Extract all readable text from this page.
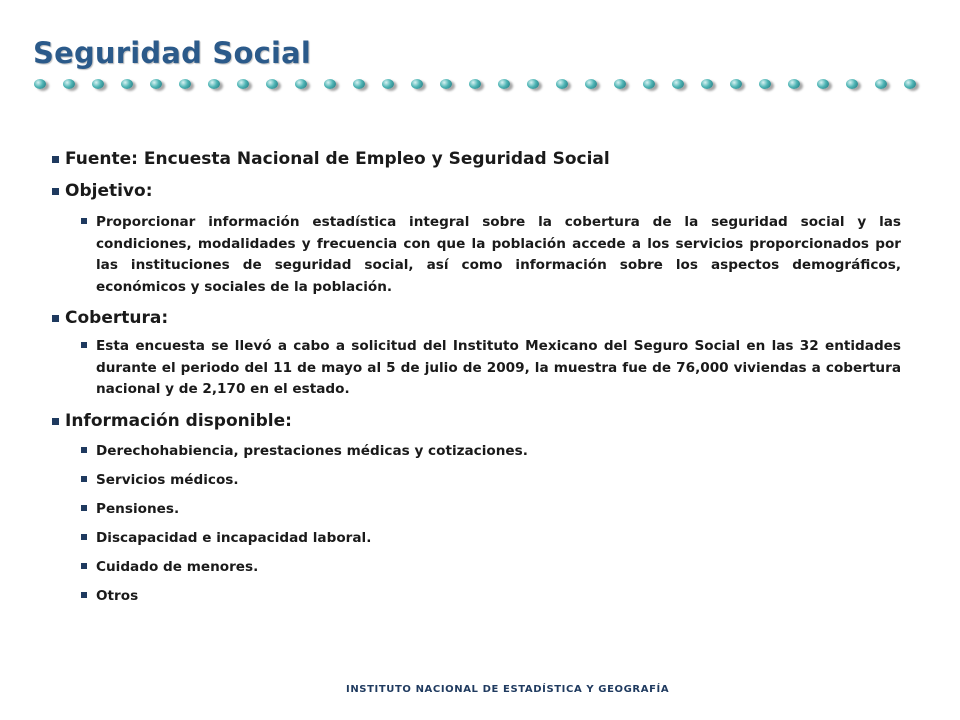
Seguridad Social
Fuente: Encuesta Nacional de Empleo y Seguridad Social
Objetivo:
Proporcionar información estadística integral sobre la cobertura de la seguridad social y las condiciones, modalidades y frecuencia con que la población accede a los servicios proporcionados por las instituciones de seguridad social, así como información sobre los aspectos demográficos, económicos y sociales de la población.
Cobertura:
Esta encuesta se llevó a cabo a solicitud del Instituto Mexicano del Seguro Social en las 32 entidades durante el periodo del 11 de mayo al 5 de julio de 2009, la muestra fue de 76,000 viviendas a cobertura nacional y de 2,170 en el estado.
Información disponible:
Derechohabiencia, prestaciones médicas y cotizaciones.
Servicios médicos.
Pensiones.
Discapacidad e incapacidad laboral.
Cuidado de menores.
Otros
INSTITUTO NACIONAL DE ESTADÍSTICA Y GEOGRAFÍA
